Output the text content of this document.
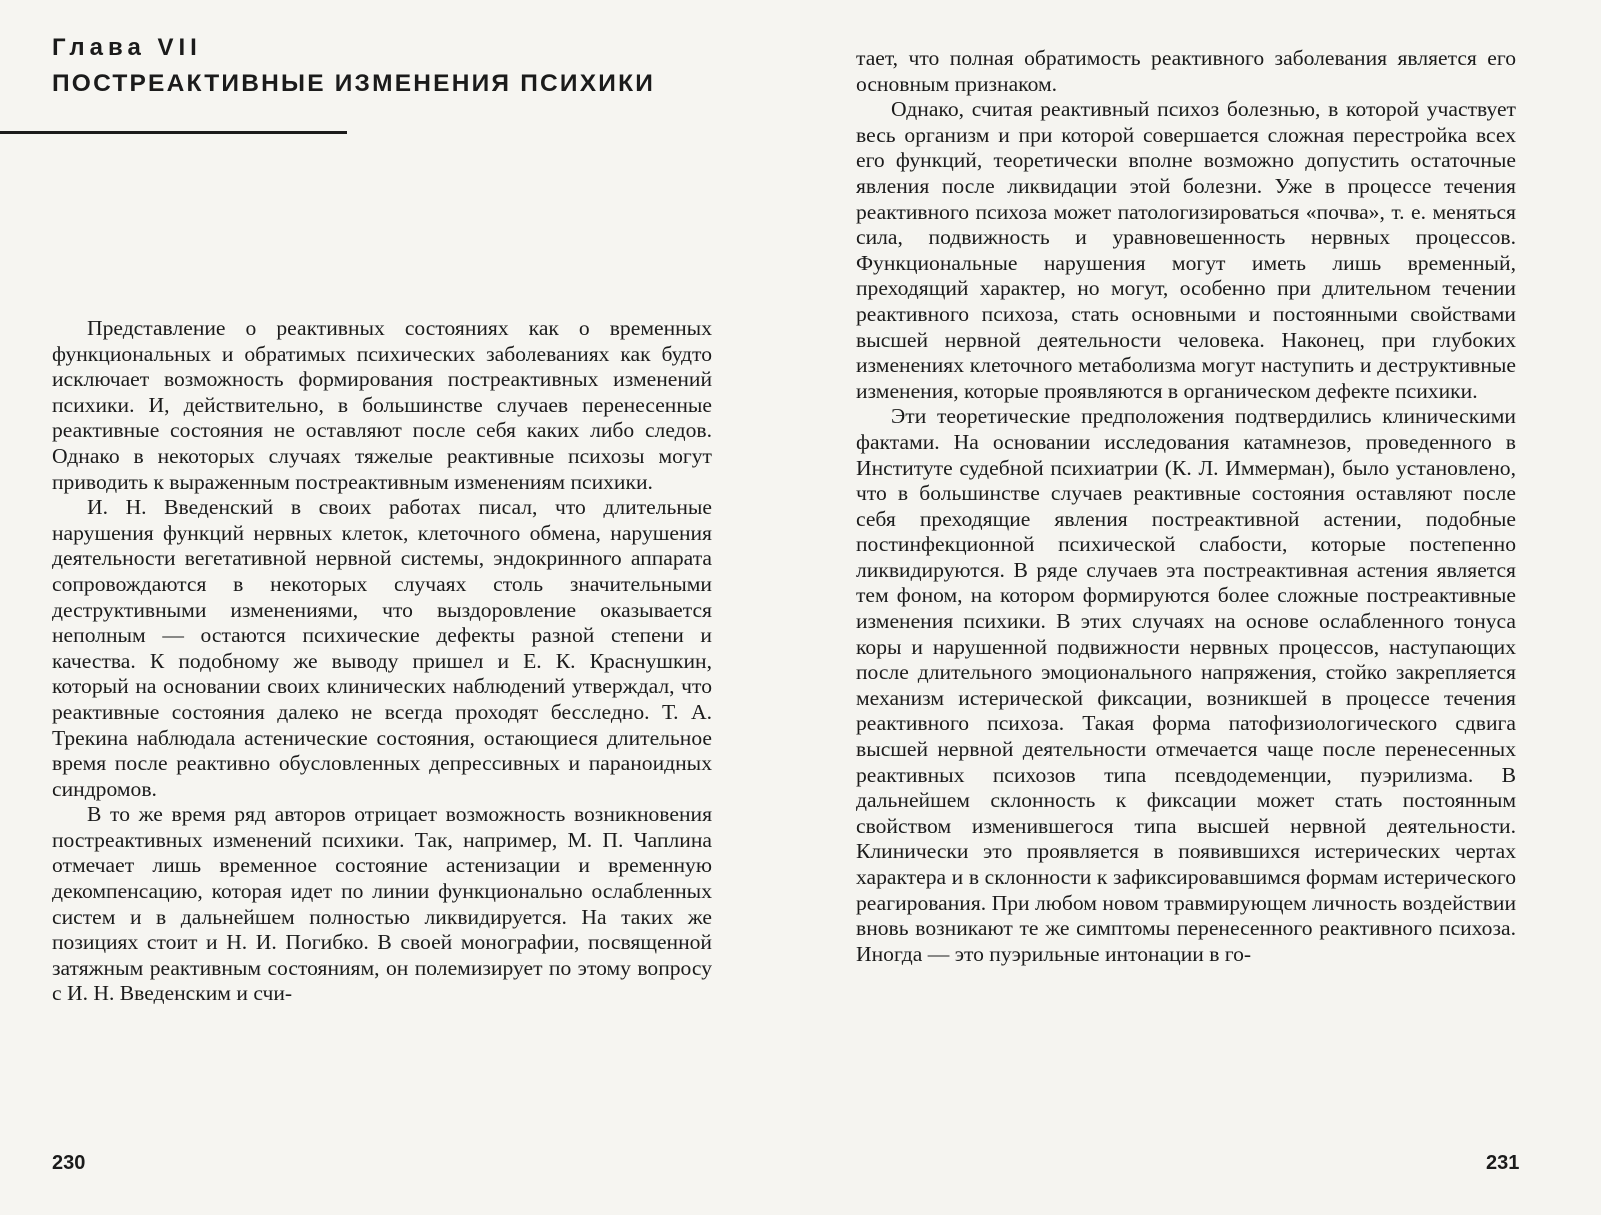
Глава VII
ПОСТРЕАКТИВНЫЕ ИЗМЕНЕНИЯ ПСИХИКИ

Представление о реактивных состояниях как о временных функциональных и обратимых психических заболеваниях как будто исключает возможность формирования постреактивных изменений психики. И, действительно, в большинстве случаев перенесенные реактивные состояния не оставляют после себя каких либо следов. Однако в некоторых случаях тяжелые реактивные психозы могут приводить к выраженным постреактивным изменениям психики.

И. Н. Введенский в своих работах писал, что длительные нарушения функций нервных клеток, клеточного обмена, нарушения деятельности вегетативной нервной системы, эндокринного аппарата сопровождаются в некоторых случаях столь значительными деструктивными изменениями, что выздоровление оказывается неполным — остаются психические дефекты разной степени и качества. К подобному же выводу пришел и Е. К. Краснушкин, который на основании своих клинических наблюдений утверждал, что реактивные состояния далеко не всегда проходят бесследно. Т. А. Трекина наблюдала астенические состояния, остающиеся длительное время после реактивно обусловленных депрессивных и параноидных синдромов.

В то же время ряд авторов отрицает возможность возникновения постреактивных изменений психики. Так, например, М. П. Чаплина отмечает лишь временное состояние астенизации и временную декомпенсацию, которая идет по линии функционально ослабленных систем и в дальнейшем полностью ликвидируется. На таких же позициях стоит и Н. И. Погибко. В своей монографии, посвященной затяжным реактивным состояниям, он полемизирует по этому вопросу с И. Н. Введенским и счи-

230

тает, что полная обратимость реактивного заболевания является его основным признаком.

Однако, считая реактивный психоз болезнью, в которой участвует весь организм и при которой совершается сложная перестройка всех его функций, теоретически вполне возможно допустить остаточные явления после ликвидации этой болезни. Уже в процессе течения реактивного психоза может патологизироваться «почва», т. е. меняться сила, подвижность и уравновешенность нервных процессов. Функциональные нарушения могут иметь лишь временный, преходящий характер, но могут, особенно при длительном течении реактивного психоза, стать основными и постоянными свойствами высшей нервной деятельности человека. Наконец, при глубоких изменениях клеточного метаболизма могут наступить и деструктивные изменения, которые проявляются в органическом дефекте психики.

Эти теоретические предположения подтвердились клиническими фактами. На основании исследования катамнезов, проведенного в Институте судебной психиатрии (К. Л. Иммерман), было установлено, что в большинстве случаев реактивные состояния оставляют после себя преходящие явления постреактивной астении, подобные постинфекционной психической слабости, которые постепенно ликвидируются. В ряде случаев эта постреактивная астения является тем фоном, на котором формируются более сложные постреактивные изменения психики. В этих случаях на основе ослабленного тонуса коры и нарушенной подвижности нервных процессов, наступающих после длительного эмоционального напряжения, стойко закрепляется механизм истерической фиксации, возникшей в процессе течения реактивного психоза. Такая форма патофизиологического сдвига высшей нервной деятельности отмечается чаще после перенесенных реактивных психозов типа псевдодеменции, пуэрилизма. В дальнейшем склонность к фиксации может стать постоянным свойством изменившегося типа высшей нервной деятельности. Клинически это проявляется в появившихся истерических чертах характера и в склонности к зафиксировавшимся формам истерического реагирования. При любом новом травмирующем личность воздействии вновь возникают те же симптомы перенесенного реактивного психоза. Иногда — это пуэрильные интонации в го-

231
